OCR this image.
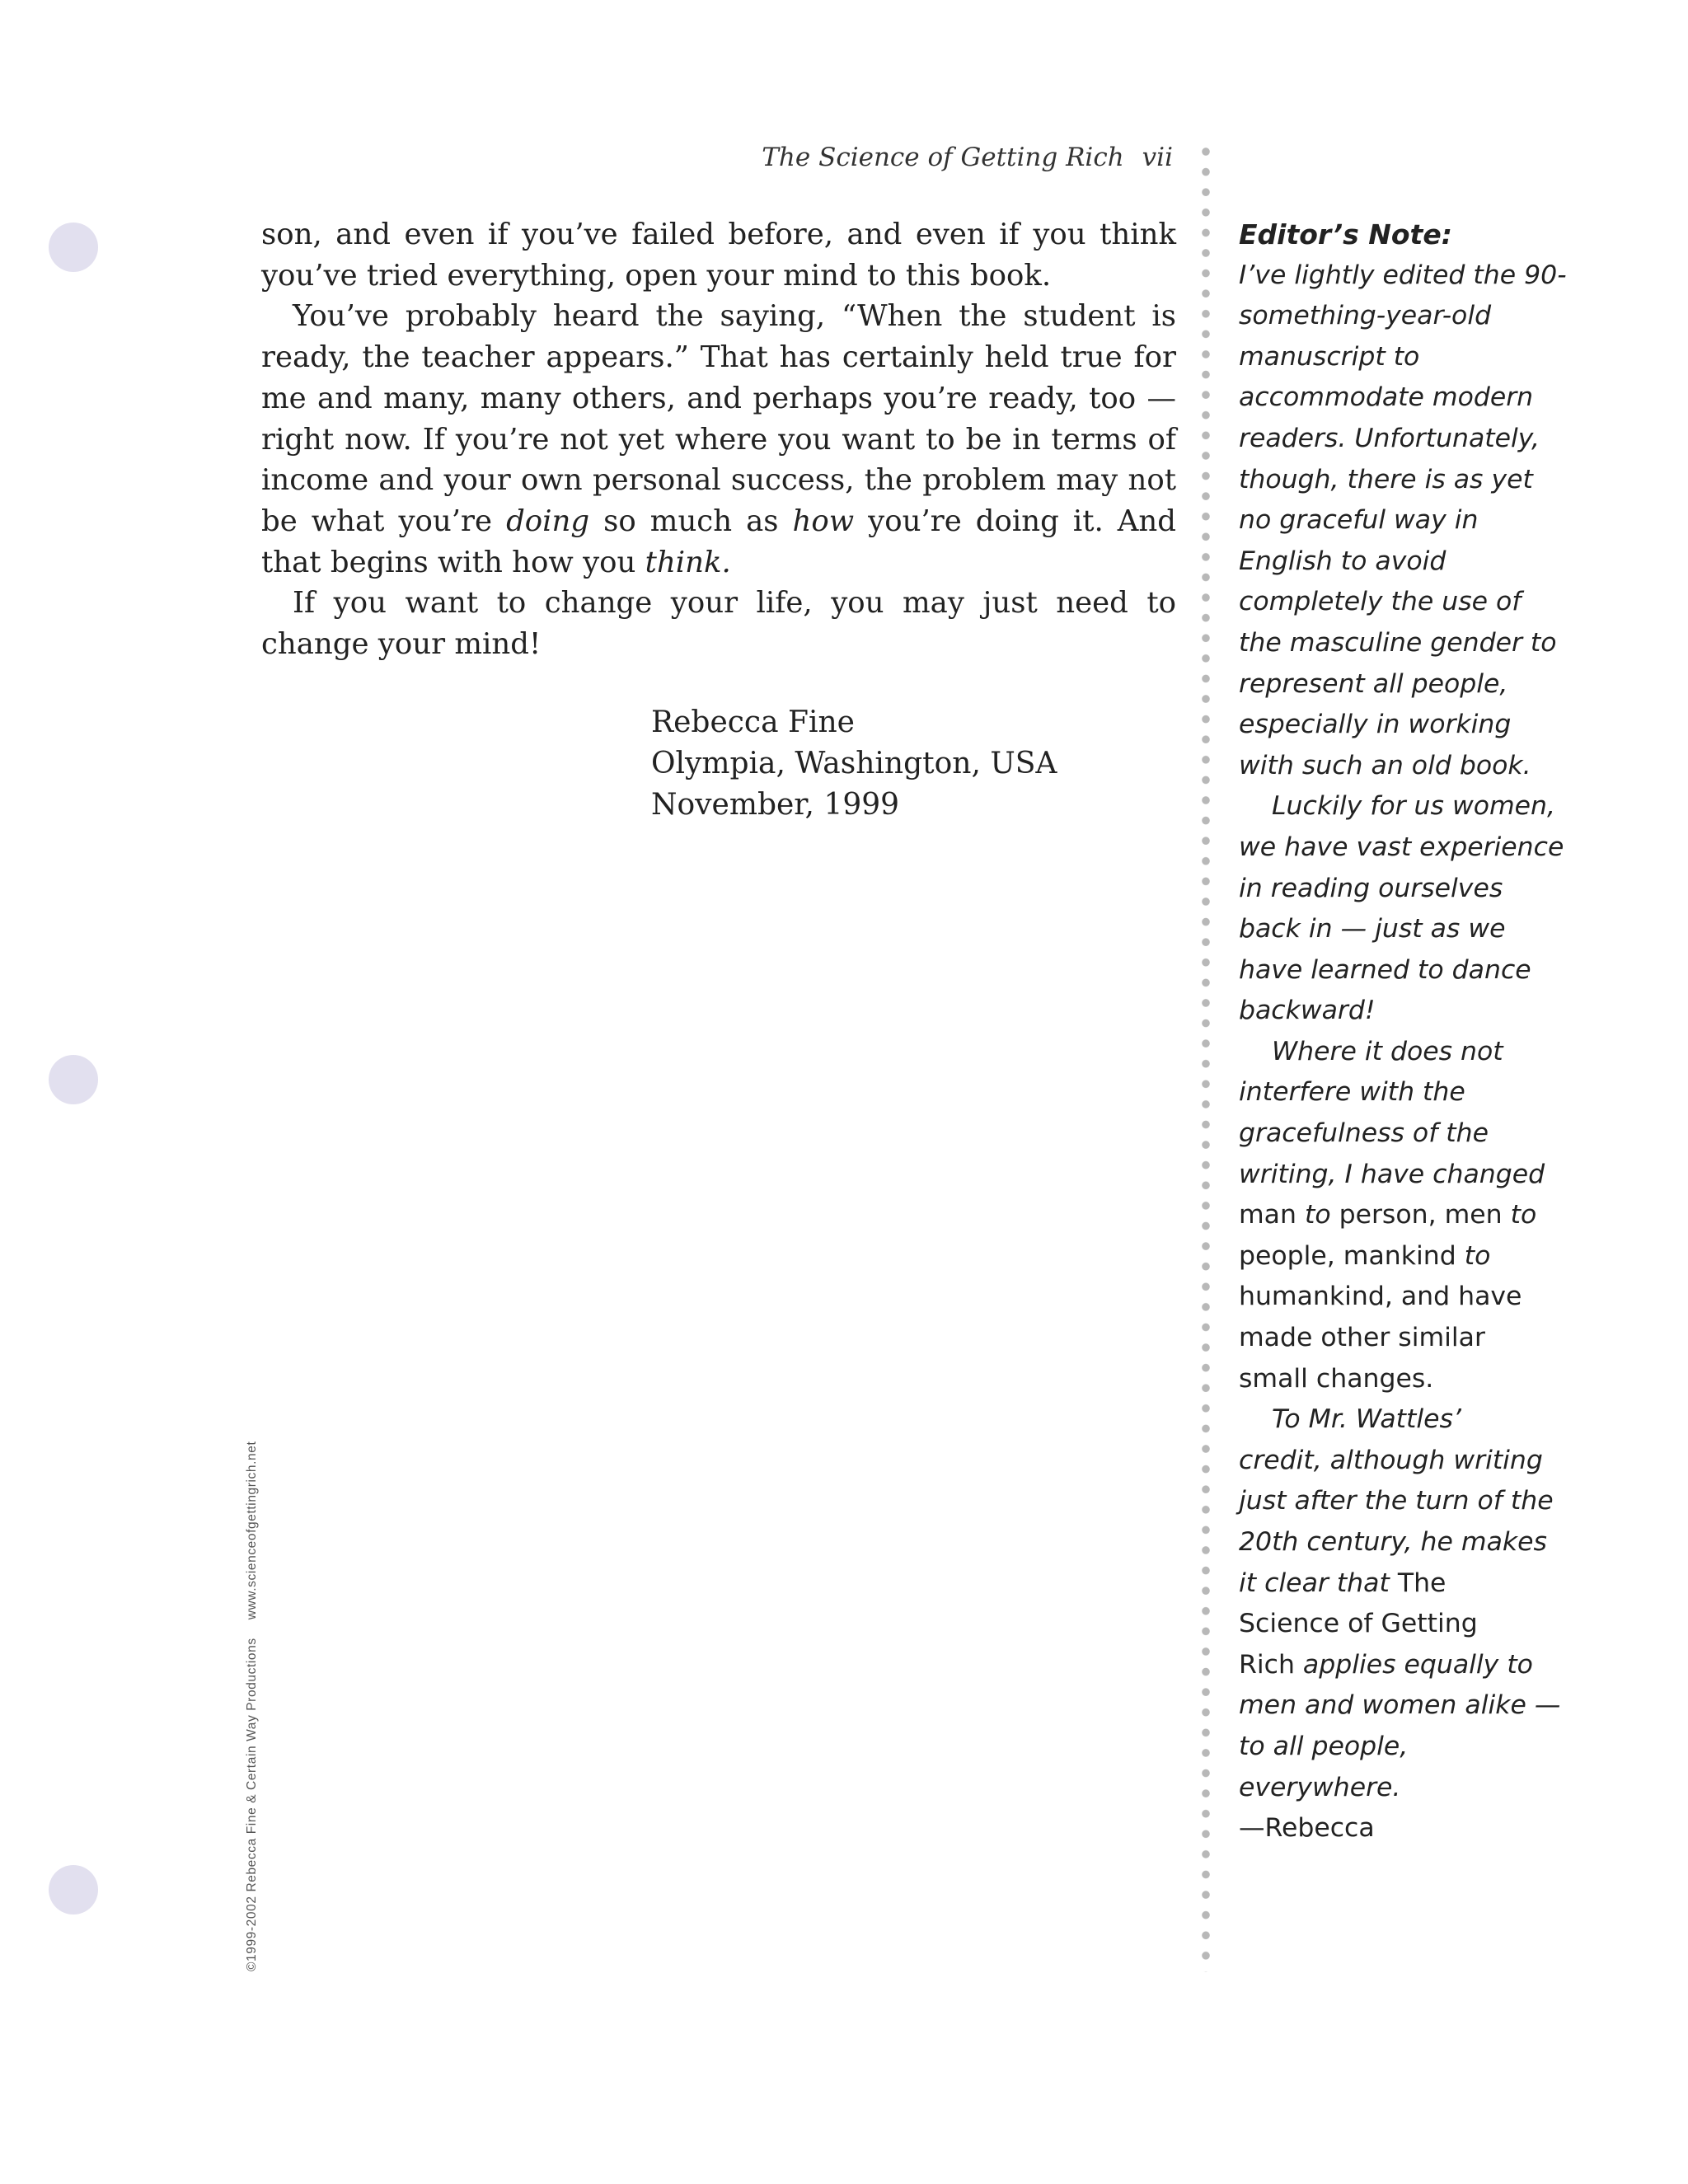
The Science of Getting Rich vii

son, and even if you’ve failed before, and even if you think you’ve tried everything, open your mind to this book.

You’ve probably heard the saying, “When the student is ready, the teacher appears.” That has certainly held true for me and many, many others, and perhaps you’re ready, too — right now. If you’re not yet where you want to be in terms of income and your own personal success, the problem may not be what you’re doing so much as how you’re doing it. And that begins with how you think.

If you want to change your life, you may just need to change your mind!

Rebecca Fine
Olympia, Washington, USA
November, 1999
Editor’s Note:
I’ve lightly edited the 90-
something-year-old
manuscript to
accommodate modern
readers. Unfortunately,
though, there is as yet
no graceful way in
English to avoid
completely the use of
the masculine gender to
represent all people,
especially in working
with such an old book.
Luckily for us women,
we have vast experience
in reading ourselves
back in — just as we
have learned to dance
backward!
Where it does not
interfere with the
gracefulness of the
writing, I have changed
man to person, men to
people, mankind to
humankind, and have
made other similar
small changes.
To Mr. Wattles’
credit, although writing
just after the turn of the
20th century, he makes
it clear that The
Science of Getting
Rich applies equally to
men and women alike —
to all people,
everywhere.
—Rebecca
©1999-2002 Rebecca Fine & Certain Way Productionswww.scienceofgettingrich.net
